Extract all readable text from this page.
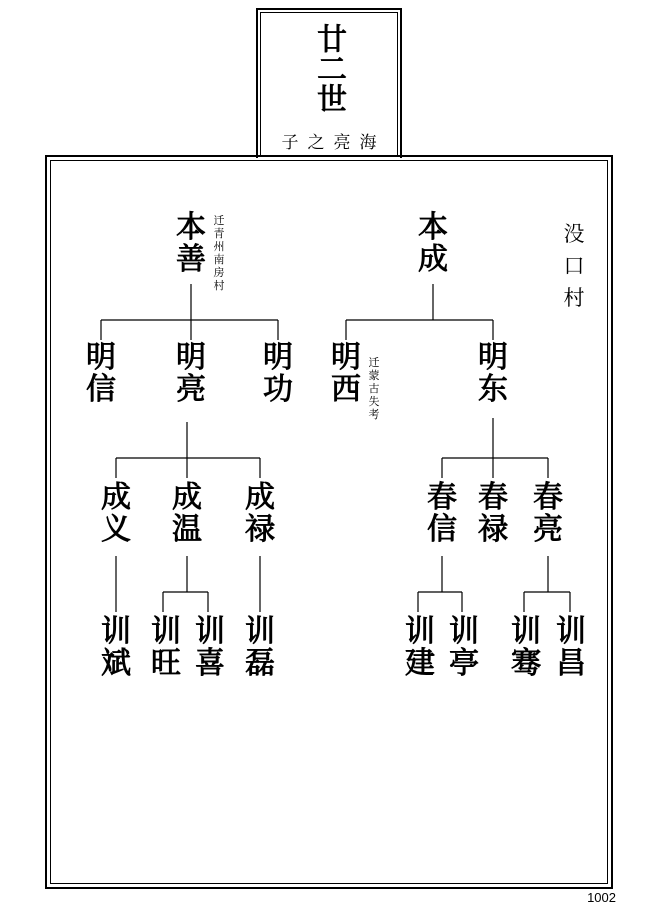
廿二世
子之亮海
没口村
本善
迁青州南房村
明信
明亮
明功
成义
成温
成禄
训斌
训旺
训喜
训磊
本成
明西
迁蒙古失考
明东
春信
春禄
春亮
训建
训亭
训骞
训昌
1002
